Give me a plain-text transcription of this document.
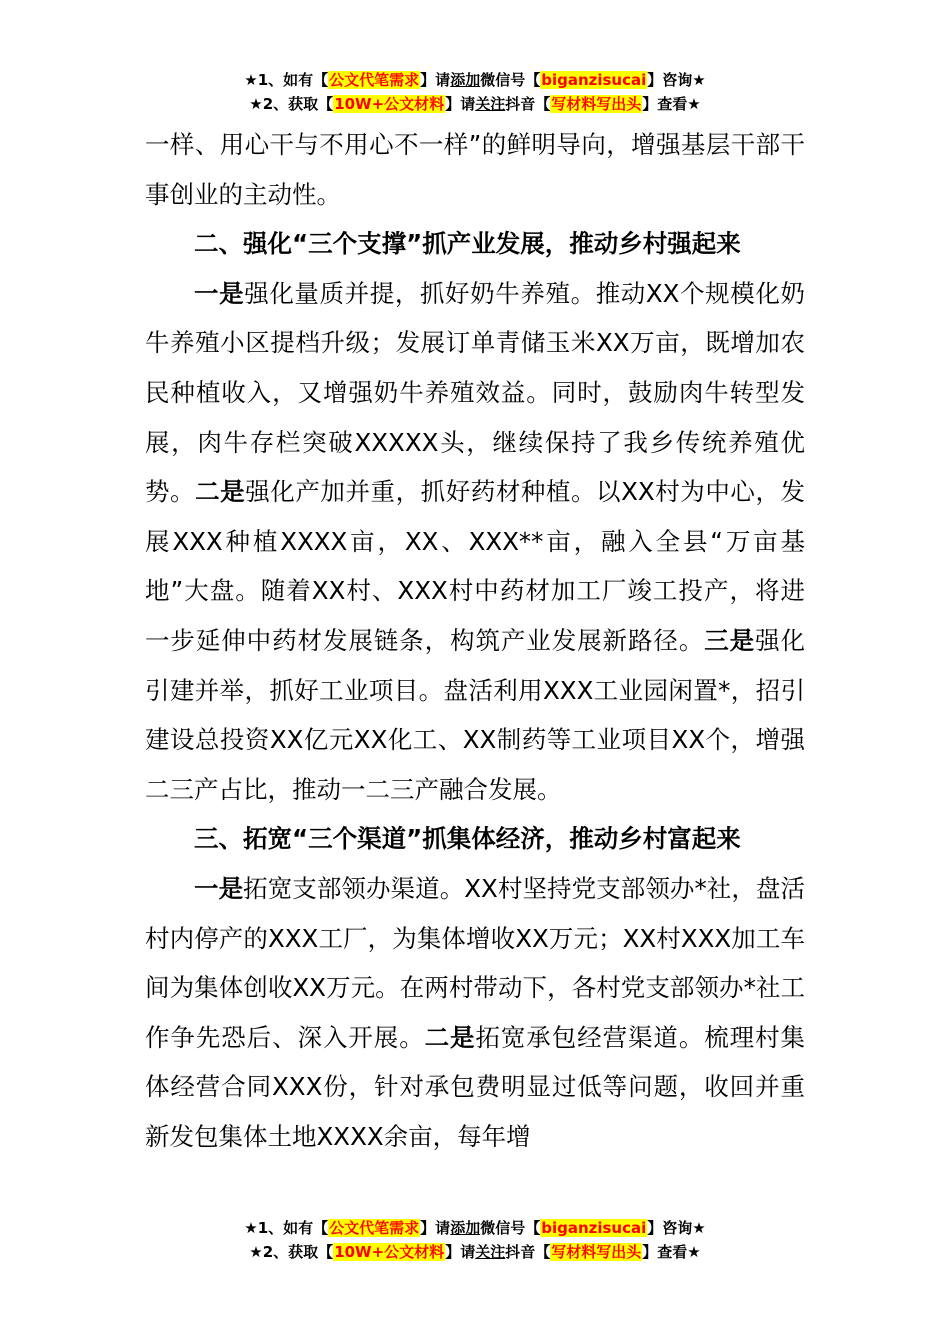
★1、如有【公文代笔需求】请添加微信号【biganzisucai】咨询★
★2、获取【10W+公文材料】请关注抖音【写材料写出头】查看★

一样、用心干与不用心不一样”的鲜明导向，增强基层干部干事创业的主动性。

二、强化“三个支撑”抓产业发展，推动乡村强起来

一是强化量质并提，抓好奶牛养殖。推动XX个规模化奶牛养殖小区提档升级；发展订单青储玉米XX万亩，既增加农民种植收入，又增强奶牛养殖效益。同时，鼓励肉牛转型发展，肉牛存栏突破XXXXX头，继续保持了我乡传统养殖优势。二是强化产加并重，抓好药材种植。以XX村为中心，发展XXX种植XXXX亩，XX、XXX**亩，融入全县“万亩基地”大盘。随着XX村、XXX村中药材加工厂竣工投产，将进一步延伸中药材发展链条，构筑产业发展新路径。三是强化引建并举，抓好工业项目。盘活利用XXX工业园闲置*，招引建设总投资XX亿元XX化工、XX制药等工业项目XX个，增强二三产占比，推动一二三产融合发展。

三、拓宽“三个渠道”抓集体经济，推动乡村富起来

一是拓宽支部领办渠道。XX村坚持党支部领办*社，盘活村内停产的XXX工厂，为集体增收XX万元；XX村XXX加工车间为集体创收XX万元。在两村带动下，各村党支部领办*社工作争先恐后、深入开展。二是拓宽承包经营渠道。梳理村集体经营合同XXX份，针对承包费明显过低等问题，收回并重新发包集体土地XXXX余亩，每年增

★1、如有【公文代笔需求】请添加微信号【biganzisucai】咨询★
★2、获取【10W+公文材料】请关注抖音【写材料写出头】查看★
